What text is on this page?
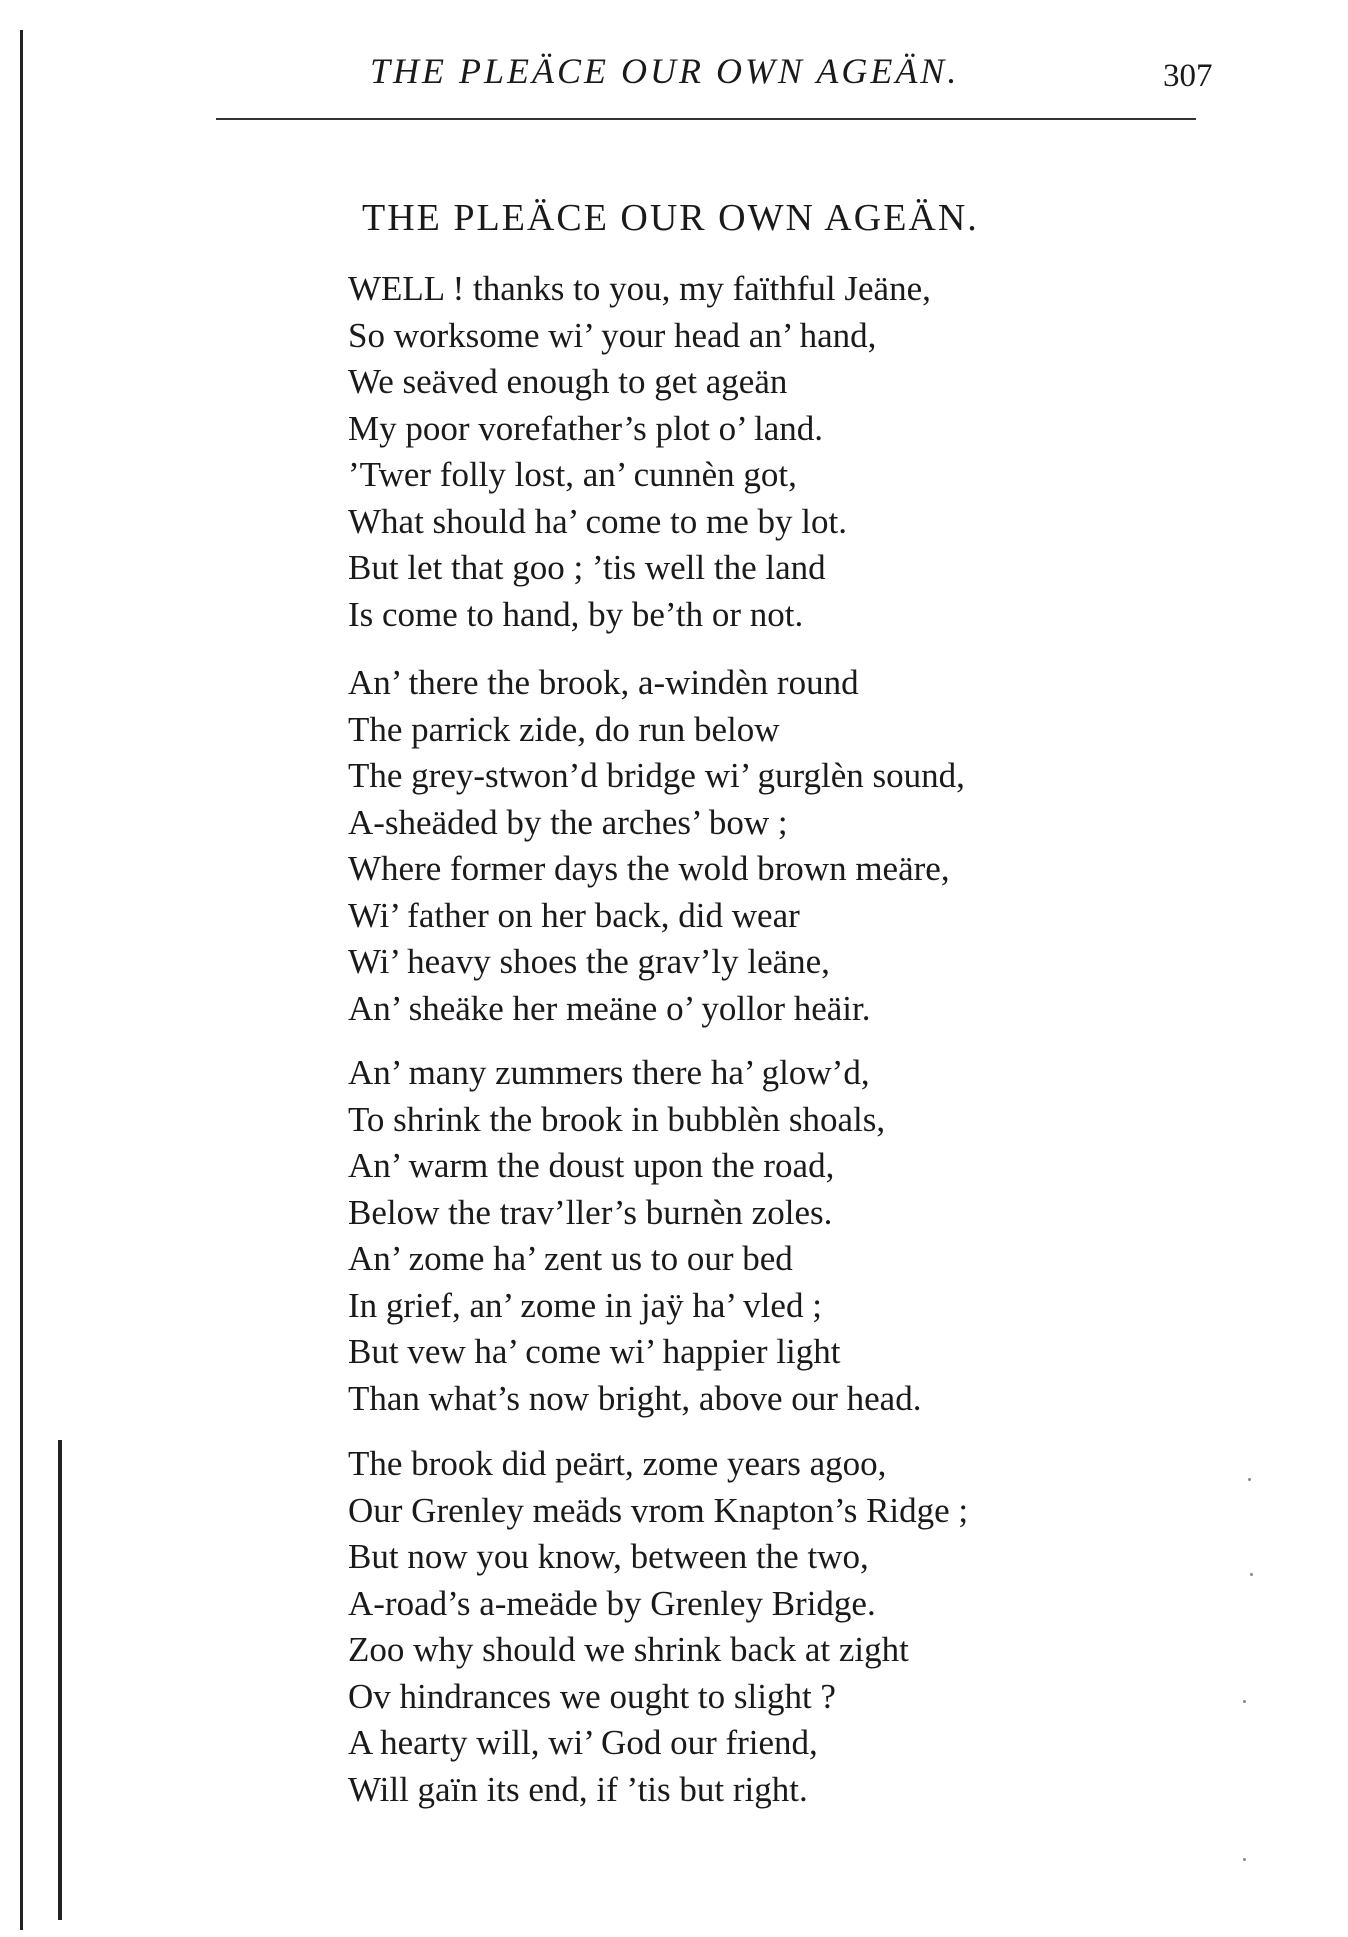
THE PLEÄCE OUR OWN AGEÄN.	307
THE PLEÄCE OUR OWN AGEÄN.
WELL ! thanks to you, my faïthful Jeäne,
So worksome wi’ your head an’ hand,
We seäved enough to get ageän
My poor vorefather’s plot o’ land.
’Twer folly lost, an’ cunnèn got,
What should ha’ come to me by lot.
But let that goo ; ’tis well the land
Is come to hand, by be’th or not.
An’ there the brook, a-windèn round
The parrick zide, do run below
The grey-stwon’d bridge wi’ gurglèn sound,
A-sheäded by the arches’ bow ;
Where former days the wold brown meäre,
Wi’ father on her back, did wear
Wi’ heavy shoes the grav’ly leäne,
An’ sheäke her meäne o’ yollor heäir.
An’ many zummers there ha’ glow’d,
To shrink the brook in bubblèn shoals,
An’ warm the doust upon the road,
Below the trav’ller’s burnèn zoles.
An’ zome ha’ zent us to our bed
In grief, an’ zome in jaÿ ha’ vled ;
But vew ha’ come wi’ happier light
Than what’s now bright, above our head.
The brook did peärt, zome years agoo,
Our Grenley meäds vrom Knapton’s Ridge ;
But now you know, between the two,
A-road’s a-meäde by Grenley Bridge.
Zoo why should we shrink back at zight
Ov hindrances we ought to slight ?
A hearty will, wi’ God our friend,
Will gaïn its end, if ’tis but right.
